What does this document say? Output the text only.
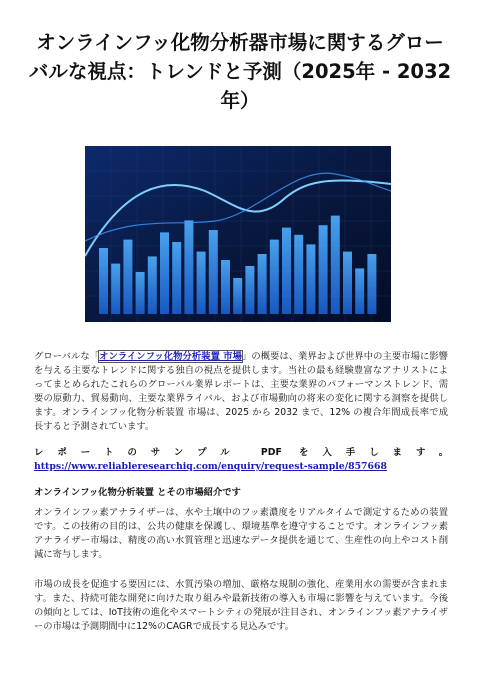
オンラインフッ化物分析器市場に関するグローバルな視点：トレンドと予測（2025年 - 2032年）

グローバルな「オンラインフッ化物分析装置 市場」の概要は、業界および世界中の主要市場に影響を与える主要なトレンドに関する独自の視点を提供します。当社の最も経験豊富なアナリストによってまとめられたこれらのグローバル業界レポートは、主要な業界のパフォーマンストレンド、需要の原動力、貿易動向、主要な業界ライバル、および市場動向の将来の変化に関する洞察を提供します。オンラインフッ化物分析装置 市場は、2025 から 2032 まで、12% の複合年間成長率で成長すると予測されています。

レポートのサンプル PDF を入手します。https://www.reliableresearchiq.com/enquiry/request-sample/857668

オンラインフッ化物分析装置 とその市場紹介です

オンラインフッ素アナライザーは、水や土壌中のフッ素濃度をリアルタイムで測定するための装置です。この技術の目的は、公共の健康を保護し、環境基準を遵守することです。オンラインフッ素アナライザー市場は、精度の高い水質管理と迅速なデータ提供を通じて、生産性の向上やコスト削減に寄与します。

市場の成長を促進する要因には、水質汚染の増加、厳格な規制の強化、産業用水の需要が含まれます。また、持続可能な開発に向けた取り組みや最新技術の導入も市場に影響を与えています。今後の傾向としては、IoT技術の進化やスマートシティの発展が注目され、オンラインフッ素アナライザーの市場は予測期間中に12%のCAGRで成長する見込みです。
